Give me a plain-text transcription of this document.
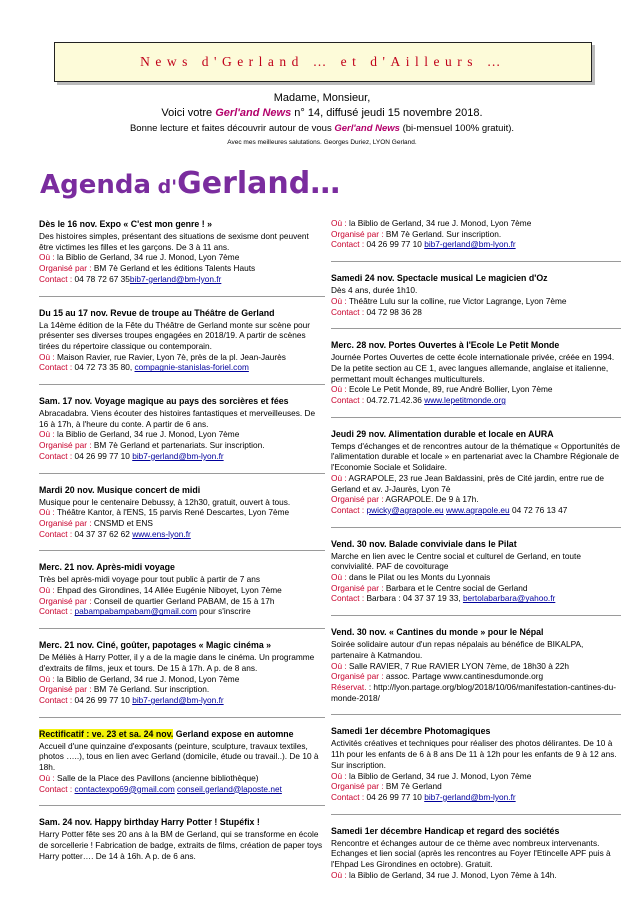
News d'Gerland … et d'Ailleurs …
Madame, Monsieur,
Voici votre Gerl'and News n° 14, diffusé jeudi 15 novembre 2018.
Bonne lecture et faites découvrir autour de vous Gerl'and News (bi-mensuel 100% gratuit).
Avec mes meilleures salutations. Georges Duriez, LYON Gerland.
Agenda d'Gerland…
Dès le 16 nov. Expo « C'est mon genre ! »
Des histoires simples, présentant des situations de sexisme dont peuvent être victimes les filles et les garçons. De 3 à 11 ans.
Où : la Biblio de Gerland, 34 rue J. Monod, Lyon 7ème
Organisé par : BM 7è Gerland et les éditions Talents Hauts
Contact : 04 78 72 67 35bib7-gerland@bm-lyon.fr
Du 15 au 17 nov. Revue de troupe au Théâtre de Gerland
La 14ème édition de la Fête du Théâtre de Gerland monte sur scène pour présenter ses diverses troupes engagées en 2018/19. A partir de scènes tirées du répertoire classique ou contemporain.
Où : Maison Ravier, rue Ravier, Lyon 7è, près de la pl. Jean-Jaurès
Contact : 04 72 73 35 80, compagnie-stanislas-foriel.com
Sam. 17 nov. Voyage magique au pays des sorcières et fées
Abracadabra. Viens écouter des histoires fantastiques et merveilleuses. De 16 à 17h, à l'heure du conte. A partir de 6 ans.
Où : la Biblio de Gerland, 34 rue J. Monod, Lyon 7ème
Organisé par : BM 7è Gerland et partenariats. Sur inscription.
Contact : 04 26 99 77 10 bib7-gerland@bm-lyon.fr
Mardi 20 nov. Musique concert de midi
Musique pour le centenaire Debussy, à 12h30, gratuit, ouvert à tous.
Où : Théâtre Kantor, à l'ENS, 15 parvis René Descartes, Lyon 7ème
Organisé par : CNSMD et ENS
Contact : 04 37 37 62 62 www.ens-lyon.fr
Merc. 21 nov. Après-midi voyage
Très bel après-midi voyage pour tout public à partir de 7 ans
Où : Ehpad des Girondines, 14 Allée Eugénie Niboyet, Lyon 7ème
Organisé par : Conseil de quartier Gerland PABAM, de 15 à 17h
Contact : pabampabampabam@gmail.com pour s'inscrire
Merc. 21 nov. Ciné, goûter, papotages « Magic cinéma »
De Méliès à Harry Potter, il y a de la magie dans le cinéma. Un programme d'extraits de films, jeux et tours. De 15 à 17h. A p. de 8 ans.
Où : la Biblio de Gerland, 34 rue J. Monod, Lyon 7ème
Organisé par : BM 7è Gerland. Sur inscription.
Contact : 04 26 99 77 10 bib7-gerland@bm-lyon.fr
Rectificatif : ve. 23 et sa. 24 nov. Gerland expose en automne
Accueil d'une quinzaine d'exposants (peinture, sculpture, travaux textiles, photos …..), tous en lien avec Gerland (domicile, étude ou travail..). De 10 à 18h.
Où : Salle de la Place des Pavillons (ancienne bibliothèque)
Contact : contactexpo69@gmail.com conseil.gerland@laposte.net
Sam. 24 nov. Happy birthday Harry Potter ! Stupéfix !
Harry Potter fête ses 20 ans à la BM de Gerland, qui se transforme en école de sorcellerie ! Fabrication de badge, extraits de films, création de paper toys Harry potter…. De 14 à 16h. A p. de 6 ans.
Où : la Biblio de Gerland, 34 rue J. Monod, Lyon 7ème
Organisé par : BM 7è Gerland. Sur inscription.
Contact : 04 26 99 77 10 bib7-gerland@bm-lyon.fr
Samedi 24 nov. Spectacle musical Le magicien d'Oz
Dès 4 ans, durée 1h10.
Où : Théâtre Lulu sur la colline, rue Victor Lagrange, Lyon 7ème
Contact : 04 72 98 36 28
Merc. 28 nov. Portes Ouvertes à l'Ecole Le Petit Monde
Journée Portes Ouvertes de cette école internationale privée, créée en 1994. De la petite section au CE 1, avec langues allemande, anglaise et italienne, permettant moult échanges multiculturels.
Où : Ecole Le Petit Monde, 89, rue André Bollier, Lyon 7ème
Contact : 04.72.71.42.36 www.lepetitmonde.org
Jeudi 29 nov. Alimentation durable et locale en AURA
Temps d'échanges et de rencontres autour de la thématique « Opportunités de l'alimentation durable et locale » en partenariat avec la Chambre Régionale de l'Economie Sociale et Solidaire.
Où : AGRAPOLE, 23 rue Jean Baldassini, près de Cité jardin, entre rue de Gerland et av. J-Jaurès, Lyon 7è
Organisé par : AGRAPOLE. De 9 à 17h.
Contact : pwicky@agrapole.eu www.agrapole.eu 04 72 76 13 47
Vend. 30 nov. Balade conviviale dans le Pilat
Marche en lien avec le Centre social et culturel de Gerland, en toute convivialité. PAF de covoiturage
Où : dans le Pilat ou les Monts du Lyonnais
Organisé par : Barbara et le Centre social de Gerland
Contact : Barbara : 04 37 37 19 33, bertolabarbara@yahoo.fr
Vend. 30 nov. « Cantines du monde » pour le Népal
Soirée solidaire autour d'un repas népalais au bénéfice de BIKALPA, partenaire à Katmandou.
Où : Salle RAVIER, 7 Rue RAVIER LYON 7ème, de 18h30 à 22h
Organisé par : assoc. Partage www.cantinesdumonde.org
Réservat. : http://lyon.partage.org/blog/2018/10/06/manifestation-cantines-du-monde-2018/
Samedi 1er décembre Photomagiques
Activités créatives et techniques pour réaliser des photos délirantes. De 10 à 11h pour les enfants de 6 à 8 ans De 11 à 12h pour les enfants de 9 à 12 ans. Sur inscription.
Où : la Biblio de Gerland, 34 rue J. Monod, Lyon 7ème
Organisé par : BM 7è Gerland
Contact : 04 26 99 77 10 bib7-gerland@bm-lyon.fr
Samedi 1er décembre Handicap et regard des sociétés
Rencontre et échanges autour de ce thème avec nombreux intervenants. Echanges et lien social (après les rencontres au Foyer l'Etincelle APF puis à l'Ehpad Les Girondines en octobre). Gratuit.
Où : la Biblio de Gerland, 34 rue J. Monod, Lyon 7ème à 14h.
